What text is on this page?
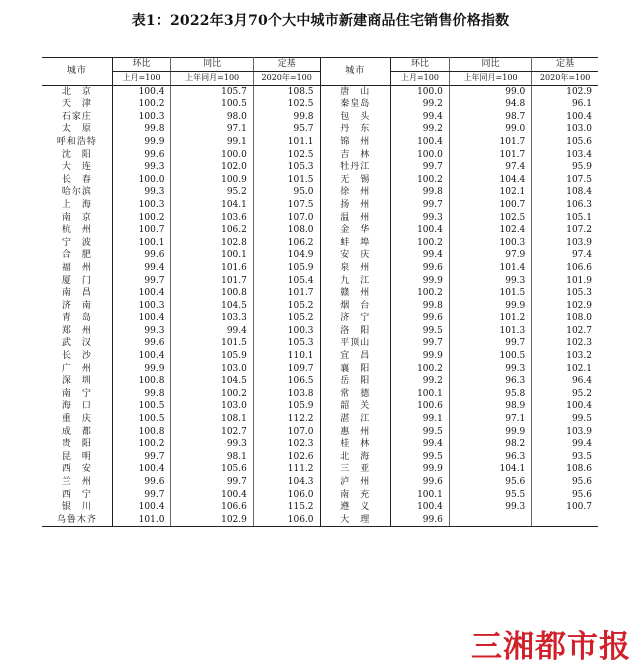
表1：2022年3月70个大中城市新建商品住宅销售价格指数
城市	环比	同比	定基	城市	环比	同比	定基
	上月=100	上年同月=100	2020年=100		上月=100	上年同月=100	2020年=100
北　京	100.4	105.7	108.5	唐　山	100.0	99.0	102.9
天　津	100.2	100.5	102.5	秦皇岛	99.2	94.8	96.1
石家庄	100.3	98.0	99.8	包　头	99.4	98.7	100.4
太　原	99.8	97.1	95.7	丹　东	99.2	99.0	103.0
呼和浩特	99.9	99.1	101.1	锦　州	100.4	101.7	105.6
沈　阳	99.6	100.0	102.5	吉　林	100.0	101.7	103.4
大　连	99.3	102.0	105.3	牡丹江	99.7	97.4	95.9
长　春	100.0	100.9	101.5	无　锡	100.2	104.4	107.5
哈尔滨	99.3	95.2	95.0	徐　州	99.8	102.1	108.4
上　海	100.3	104.1	107.5	扬　州	99.7	100.7	106.3
南　京	100.2	103.6	107.0	温　州	99.3	102.5	105.1
杭　州	100.7	106.2	108.0	金　华	100.4	102.4	107.2
宁　波	100.1	102.8	106.2	蚌　埠	100.2	100.3	103.9
合　肥	99.6	100.1	104.9	安　庆	99.4	97.9	97.4
福　州	99.4	101.6	105.9	泉　州	99.6	101.4	106.6
厦　门	99.7	101.7	105.4	九　江	99.9	99.3	101.9
南　昌	100.4	100.8	101.7	赣　州	100.2	101.5	105.3
济　南	100.3	104.5	105.2	烟　台	99.8	99.9	102.9
青　岛	100.4	103.3	105.2	济　宁	99.6	101.2	108.0
郑　州	99.3	99.4	100.3	洛　阳	99.5	101.3	102.7
武　汉	99.6	101.5	105.3	平顶山	99.7	99.7	102.3
长　沙	100.4	105.9	110.1	宜　昌	99.9	100.5	103.2
广　州	99.9	103.0	109.7	襄　阳	100.2	99.3	102.1
深　圳	100.8	104.5	106.5	岳　阳	99.2	96.3	96.4
南　宁	99.8	100.2	103.8	常　德	100.1	95.8	95.2
海　口	100.5	103.0	105.9	韶　关	100.6	98.9	100.4
重　庆	100.5	108.1	112.2	湛　江	99.1	97.1	99.5
成　都	100.8	102.7	107.0	惠　州	99.5	99.9	103.9
贵　阳	100.2	99.3	102.3	桂　林	99.4	98.2	99.4
昆　明	99.7	98.1	102.6	北　海	99.5	96.3	93.5
西　安	100.4	105.6	111.2	三　亚	99.9	104.1	108.6
兰　州	99.6	99.7	104.3	泸　州	99.6	95.6	95.6
西　宁	99.7	100.4	106.0	南　充	100.1	95.5	95.6
银　川	100.4	106.6	115.2	遵　义	100.4	99.3	100.7
乌鲁木齐	101.0	102.9	106.0	大　理	99.6		
三湘都市报
